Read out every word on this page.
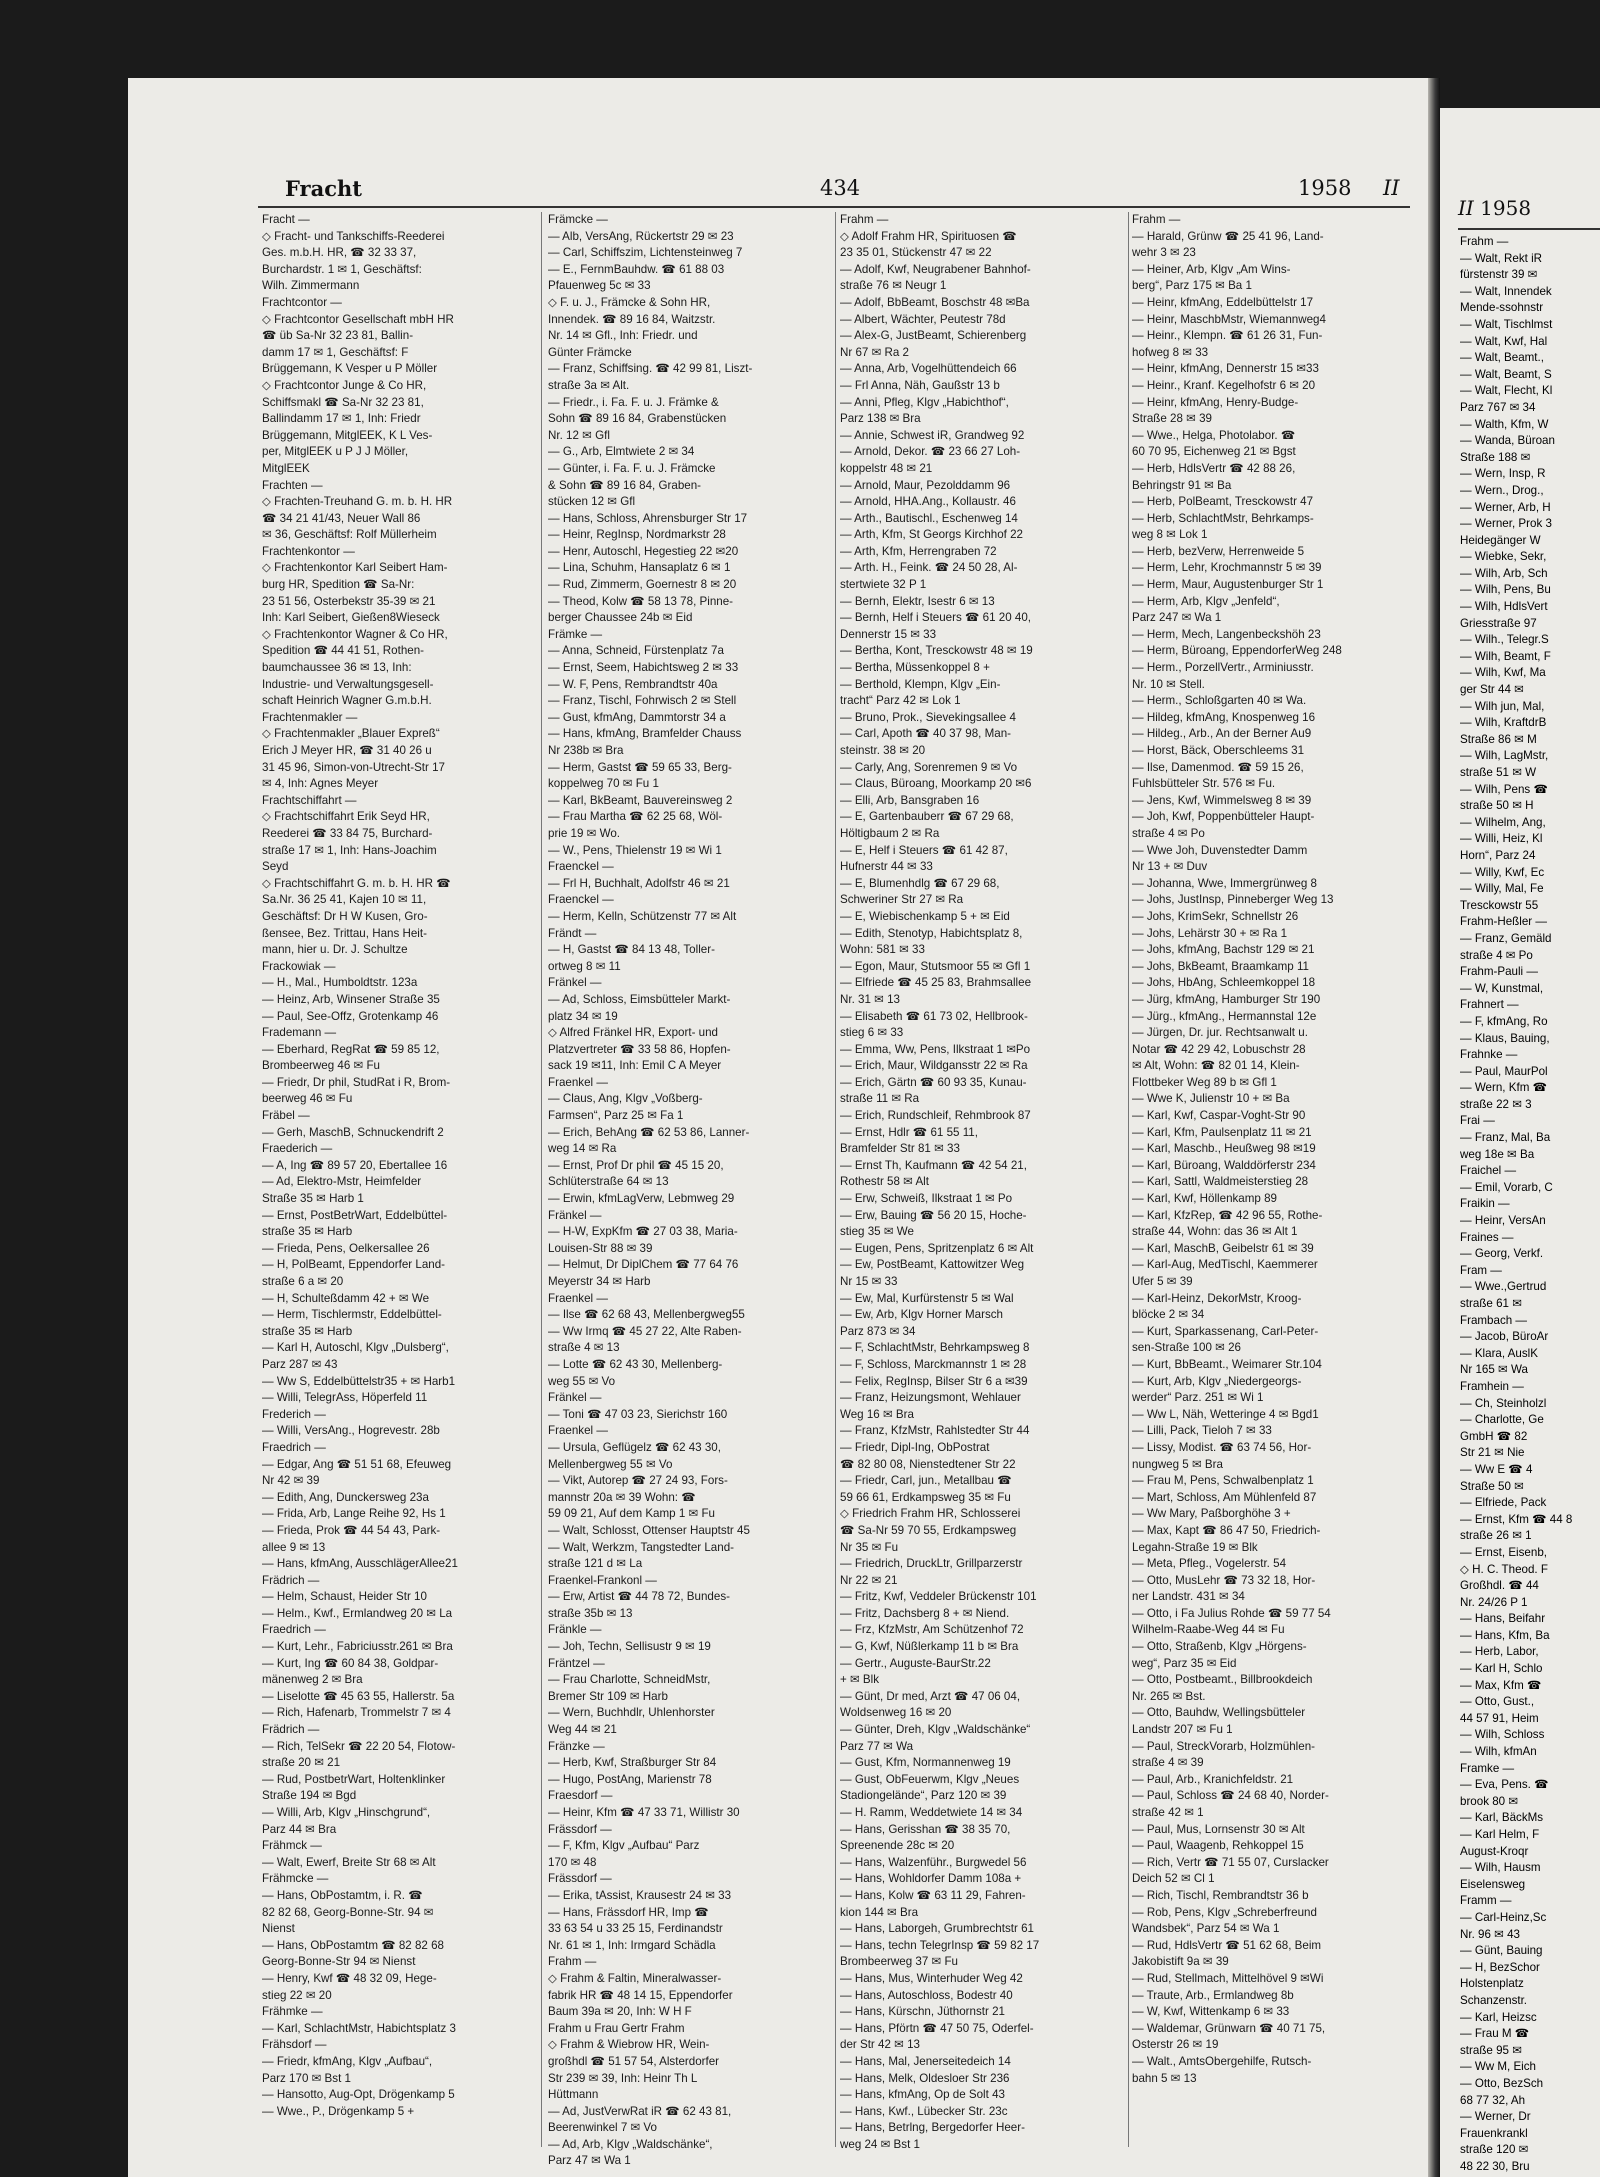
Fracht	434	1958 II
Fracht —
◇ Fracht- und Tankschiffs-Reederei
Ges. m.b.H. HR, ☎ 32 33 37,
Burchardstr. 1 ✉ 1, Geschäftsf:
Wilh. Zimmermann
Frachtcontor —
◇ Frachtcontor Gesellschaft mbH HR
☎ üb Sa-Nr 32 23 81, Ballin-
damm 17 ✉ 1, Geschäftsf: F
Brüggemann, K Vesper u P Möller
◇ Frachtcontor Junge & Co HR,
Schiffsmakl ☎ Sa-Nr 32 23 81,
Ballindamm 17 ✉ 1, Inh: Friedr
Brüggemann, MitglEEK, K L Ves-
per, MitglEEK u P J J Möller,
MitglEEK
Frachten —
◇ Frachten-Treuhand G. m. b. H. HR
☎ 34 21 41/43, Neuer Wall 86
✉ 36, Geschäftsf: Rolf Müllerheim
Frachtenkontor —
◇ Frachtenkontor Karl Seibert Ham-
burg HR, Spedition ☎ Sa-Nr:
23 51 56, Osterbekstr 35-39 ✉ 21
Inh: Karl Seibert, Gießen8Wieseck
◇ Frachtenkontor Wagner & Co HR,
Spedition ☎ 44 41 51, Rothen-
baumchaussee 36 ✉ 13, Inh:
Industrie- und Verwaltungsgesell-
schaft Heinrich Wagner G.m.b.H.
Frachtenmakler —
◇ Frachtenmakler „Blauer Expreß“
Erich J Meyer HR, ☎ 31 40 26 u
31 45 96, Simon-von-Utrecht-Str 17
✉ 4, Inh: Agnes Meyer
Frachtschiffahrt —
◇ Frachtschiffahrt Erik Seyd HR,
Reederei ☎ 33 84 75, Burchard-
straße 17 ✉ 1, Inh: Hans-Joachim
Seyd
◇ Frachtschiffahrt G. m. b. H. HR ☎
Sa.Nr. 36 25 41, Kajen 10 ✉ 11,
Geschäftsf: Dr H W Kusen, Gro-
ßensee, Bez. Trittau, Hans Heit-
mann, hier u. Dr. J. Schultze
Frackowiak —
— H., Mal., Humboldtstr. 123a
— Heinz, Arb, Winsener Straße 35
— Paul, See-Offz, Grotenkamp 46
Frademann —
— Eberhard, RegRat ☎ 59 85 12,
Brombeerweg 46 ✉ Fu
— Friedr, Dr phil, StudRat i R, Brom-
beerweg 46 ✉ Fu
Fräbel —
— Gerh, MaschB, Schnuckendrift 2
Fraederich —
— A, Ing ☎ 89 57 20, Ebertallee 16
— Ad, Elektro-Mstr, Heimfelder
Straße 35 ✉ Harb 1
— Ernst, PostBetrWart, Eddelbüttel-
straße 35 ✉ Harb
— Frieda, Pens, Oelkersallee 26
— H, PolBeamt, Eppendorfer Land-
straße 6 a ✉ 20
— H, Schulteßdamm 42 + ✉ We
— Herm, Tischlermstr, Eddelbüttel-
straße 35 ✉ Harb
— Karl H, Autoschl, Klgv „Dulsberg“,
Parz 287 ✉ 43
— Ww S, Eddelbüttelstr35 + ✉ Harb1
— Willi, TelegrAss, Höperfeld 11
Frederich —
— Willi, VersAng., Hogrevestr. 28b
Fraedrich —
— Edgar, Ang ☎ 51 51 68, Efeuweg
Nr 42 ✉ 39
— Edith, Ang, Dunckersweg 23a
— Frida, Arb, Lange Reihe 92, Hs 1
— Frieda, Prok ☎ 44 54 43, Park-
allee 9 ✉ 13
— Hans, kfmAng, AusschlägerAllee21
Frädrich —
— Helm, Schaust, Heider Str 10
— Helm., Kwf., Ermlandweg 20 ✉ La
Fraedrich —
— Kurt, Lehr., Fabriciusstr.261 ✉ Bra
— Kurt, Ing ☎ 60 84 38, Goldpar-
mänenweg 2 ✉ Bra
— Liselotte ☎ 45 63 55, Hallerstr. 5a
— Rich, Hafenarb, Trommelstr 7 ✉ 4
Frädrich —
— Rich, TelSekr ☎ 22 20 54, Flotow-
straße 20 ✉ 21
— Rud, PostbetrWart, Holtenklinker
Straße 194 ✉ Bgd
— Willi, Arb, Klgv „Hinschgrund“,
Parz 44 ✉ Bra
Frähmck —
— Walt, Ewerf, Breite Str 68 ✉ Alt
Frähmcke —
— Hans, ObPostamtm, i. R. ☎
82 82 68, Georg-Bonne-Str. 94 ✉
Nienst
— Hans, ObPostamtm ☎ 82 82 68
Georg-Bonne-Str 94 ✉ Nienst
— Henry, Kwf ☎ 48 32 09, Hege-
stieg 22 ✉ 20
Frähmke —
— Karl, SchlachtMstr, Habichtsplatz 3
Frähsdorf —
— Friedr, kfmAng, Klgv „Aufbau“,
Parz 170 ✉ Bst 1
— Hansotto, Aug-Opt, Drögenkamp 5
— Wwe., P., Drögenkamp 5 +
Främcke —
— Alb, VersAng, Rückertstr 29 ✉ 23
— Carl, Schiffszim, Lichtensteinweg 7
— E., FernmBauhdw. ☎ 61 88 03
Pfauenweg 5c ✉ 33
◇ F. u. J., Främcke & Sohn HR,
Innendek. ☎ 89 16 84, Waitzstr.
Nr. 14 ✉ Gfl., Inh: Friedr. und
Günter Främcke
— Franz, Schiffsing. ☎ 42 99 81, Liszt-
straße 3a ✉ Alt.
— Friedr., i. Fa. F. u. J. Främke &
Sohn ☎ 89 16 84, Grabenstücken
Nr. 12 ✉ Gfl
— G., Arb, Elmtwiete 2 ✉ 34
— Günter, i. Fa. F. u. J. Främcke
& Sohn ☎ 89 16 84, Graben-
stücken 12 ✉ Gfl
— Hans, Schloss, Ahrensburger Str 17
— Heinr, RegInsp, Nordmarkstr 28
— Henr, Autoschl, Hegestieg 22 ✉20
— Lina, Schuhm, Hansaplatz 6 ✉ 1
— Rud, Zimmerm, Goernestr 8 ✉ 20
— Theod, Kolw ☎ 58 13 78, Pinne-
berger Chaussee 24b ✉ Eid
Främke —
— Anna, Schneid, Fürstenplatz 7a
— Ernst, Seem, Habichtsweg 2 ✉ 33
— W. F, Pens, Rembrandtstr 40a
— Franz, Tischl, Fohrwisch 2 ✉ Stell
— Gust, kfmAng, Dammtorstr 34 a
— Hans, kfmAng, Bramfelder Chauss
Nr 238b ✉ Bra
— Herm, Gastst ☎ 59 65 33, Berg-
koppelweg 70 ✉ Fu 1
— Karl, BkBeamt, Bauvereinsweg 2
— Frau Martha ☎ 62 25 68, Wöl-
prie 19 ✉ Wo.
— W., Pens, Thielenstr 19 ✉ Wi 1
Fraenckel —
— Frl H, Buchhalt, Adolfstr 46 ✉ 21
Fraenckel —
— Herm, Kelln, Schützenstr 77 ✉ Alt
Frändt —
— H, Gastst ☎ 84 13 48, Toller-
ortweg 8 ✉ 11
Fränkel —
— Ad, Schloss, Eimsbütteler Markt-
platz 34 ✉ 19
◇ Alfred Fränkel HR, Export- und
Platzvertreter ☎ 33 58 86, Hopfen-
sack 19 ✉11, Inh: Emil C A Meyer
Fraenkel —
— Claus, Ang, Klgv „Voßberg-
Farmsen“, Parz 25 ✉ Fa 1
— Erich, BehAng ☎ 62 53 86, Lanner-
weg 14 ✉ Ra
— Ernst, Prof Dr phil ☎ 45 15 20,
Schlüterstraße 64 ✉ 13
— Erwin, kfmLagVerw, Lebmweg 29
Fränkel —
— H-W, ExpKfm ☎ 27 03 38, Maria-
Louisen-Str 88 ✉ 39
— Helmut, Dr DiplChem ☎ 77 64 76
Meyerstr 34 ✉ Harb
Fraenkel —
— Ilse ☎ 62 68 43, Mellenbergweg55
— Ww Irmq ☎ 45 27 22, Alte Raben-
straße 4 ✉ 13
— Lotte ☎ 62 43 30, Mellenberg-
weg 55 ✉ Vo
Fränkel —
— Toni ☎ 47 03 23, Sierichstr 160
Fraenkel —
— Ursula, Geflügelz ☎ 62 43 30,
Mellenbergweg 55 ✉ Vo
— Vikt, Autorep ☎ 27 24 93, Fors-
mannstr 20a ✉ 39 Wohn: ☎
59 09 21, Auf dem Kamp 1 ✉ Fu
— Walt, Schlosst, Ottenser Hauptstr 45
— Walt, Werkzm, Tangstedter Land-
straße 121 d ✉ La
Fraenkel-Frankonl —
— Erw, Artist ☎ 44 78 72, Bundes-
straße 35b ✉ 13
Fränkle —
— Joh, Techn, Sellisustr 9 ✉ 19
Fräntzel —
— Frau Charlotte, SchneidMstr,
Bremer Str 109 ✉ Harb
— Wern, Buchhdlr, Uhlenhorster
Weg 44 ✉ 21
Fränzke —
— Herb, Kwf, Straßburger Str 84
— Hugo, PostAng, Marienstr 78
Fraesdorf —
— Heinr, Kfm ☎ 47 33 71, Willistr 30
Frässdorf —
— F, Kfm, Klgv „Aufbau“ Parz
170 ✉ 48
Frässdorf —
— Erika, tAssist, Krausestr 24 ✉ 33
— Hans, Frässdorf HR, Imp ☎
33 63 54 u 33 25 15, Ferdinandstr
Nr. 61 ✉ 1, Inh: Irmgard Schädla
Frahm —
◇ Frahm & Faltin, Mineralwasser-
fabrik HR ☎ 48 14 15, Eppendorfer
Baum 39a ✉ 20, Inh: W H F
Frahm u Frau Gertr Frahm
◇ Frahm & Wiebrow HR, Wein-
großhdl ☎ 51 57 54, Alsterdorfer
Str 239 ✉ 39, Inh: Heinr Th L
Hüttmann
— Ad, JustVerwRat iR ☎ 62 43 81,
Beerenwinkel 7 ✉ Vo
— Ad, Arb, Klgv „Waldschänke“,
Parz 47 ✉ Wa 1
Frahm —
◇ Adolf Frahm HR, Spirituosen ☎
23 35 01, Stückenstr 47 ✉ 22
— Adolf, Kwf, Neugrabener Bahnhof-
straße 76 ✉ Neugr 1
— Adolf, BbBeamt, Boschstr 48 ✉Ba
— Albert, Wächter, Peutestr 78d
— Alex-G, JustBeamt, Schierenberg
Nr 67 ✉ Ra 2
— Anna, Arb, Vogelhüttendeich 66
— Frl Anna, Näh, Gaußstr 13 b
— Anni, Pfleg, Klgv „Habichthof“,
Parz 138 ✉ Bra
— Annie, Schwest iR, Grandweg 92
— Arnold, Dekor. ☎ 23 66 27 Loh-
koppelstr 48 ✉ 21
— Arnold, Maur, Pezolddamm 96
— Arnold, HHA.Ang., Kollaustr. 46
— Arth., Bautischl., Eschenweg 14
— Arth, Kfm, St Georgs Kirchhof 22
— Arth, Kfm, Herrengraben 72
— Arth. H., Feink. ☎ 24 50 28, Al-
stertwiete 32 P 1
— Bernh, Elektr, Isestr 6 ✉ 13
— Bernh, Helf i Steuers ☎ 61 20 40,
Dennerstr 15 ✉ 33
— Bertha, Kont, Tresckowstr 48 ✉ 19
— Bertha, Müssenkoppel 8 +
— Berthold, Klempn, Klgv „Ein-
tracht“ Parz 42 ✉ Lok 1
— Bruno, Prok., Sievekingsallee 4
— Carl, Apoth ☎ 40 37 98, Man-
steinstr. 38 ✉ 20
— Carly, Ang, Sorenremen 9 ✉ Vo
— Claus, Büroang, Moorkamp 20 ✉6
— Elli, Arb, Bansgraben 16
— E, Gartenbauberr ☎ 67 29 68,
Höltigbaum 2 ✉ Ra
— E, Helf i Steuers ☎ 61 42 87,
Hufnerstr 44 ✉ 33
— E, Blumenhdlg ☎ 67 29 68,
Schweriner Str 27 ✉ Ra
— E, Wiebischenkamp 5 + ✉ Eid
— Edith, Stenotyp, Habichtsplatz 8,
Wohn: 581 ✉ 33
— Egon, Maur, Stutsmoor 55 ✉ Gfl 1
— Elfriede ☎ 45 25 83, Brahmsallee
Nr. 31 ✉ 13
— Elisabeth ☎ 61 73 02, Hellbrook-
stieg 6 ✉ 33
— Emma, Ww, Pens, Ilkstraat 1 ✉Po
— Erich, Maur, Wildgansstr 22 ✉ Ra
— Erich, Gärtn ☎ 60 93 35, Kunau-
straße 11 ✉ Ra
— Erich, Rundschleif, Rehmbrook 87
— Ernst, Hdlr ☎ 61 55 11,
Bramfelder Str 81 ✉ 33
— Ernst Th, Kaufmann ☎ 42 54 21,
Rothestr 58 ✉ Alt
— Erw, Schweiß, Ilkstraat 1 ✉ Po
— Erw, Bauing ☎ 56 20 15, Hoche-
stieg 35 ✉ We
— Eugen, Pens, Spritzenplatz 6 ✉ Alt
— Ew, PostBeamt, Kattowitzer Weg
Nr 15 ✉ 33
— Ew, Mal, Kurfürstenstr 5 ✉ Wal
— Ew, Arb, Klgv Horner Marsch
Parz 873 ✉ 34
— F, SchlachtMstr, Behrkampsweg 8
— F, Schloss, Marckmannstr 1 ✉ 28
— Felix, RegInsp, Bilser Str 6 a ✉39
— Franz, Heizungsmont, Wehlauer
Weg 16 ✉ Bra
— Franz, KfzMstr, Rahlstedter Str 44
— Friedr, Dipl-Ing, ObPostrat
☎ 82 80 08, Nienstedtener Str 22
— Friedr, Carl, jun., Metallbau ☎
59 66 61, Erdkampsweg 35 ✉ Fu
◇ Friedrich Frahm HR, Schlosserei
☎ Sa-Nr 59 70 55, Erdkampsweg
Nr 35 ✉ Fu
— Friedrich, DruckLtr, Grillparzerstr
Nr 22 ✉ 21
— Fritz, Kwf, Veddeler Brückenstr 101
— Fritz, Dachsberg 8 + ✉ Niend.
— Frz, KfzMstr, Am Schützenhof 72
— G, Kwf, Nüßlerkamp 11 b ✉ Bra
— Gertr., Auguste-BaurStr.22
+ ✉ Blk
— Günt, Dr med, Arzt ☎ 47 06 04,
Woldsenweg 16 ✉ 20
— Günter, Dreh, Klgv „Waldschänke“
Parz 77 ✉ Wa
— Gust, Kfm, Normannenweg 19
— Gust, ObFeuerwm, Klgv „Neues
Stadiongelände“, Parz 120 ✉ 39
— H. Ramm, Weddetwiete 14 ✉ 34
— Hans, Gerisshan ☎ 38 35 70,
Spreenende 28c ✉ 20
— Hans, Walzenführ., Burgwedel 56
— Hans, Wohldorfer Damm 108a +
— Hans, Kolw ☎ 63 11 29, Fahren-
kion 144 ✉ Bra
— Hans, Laborgeh, Grumbrechtstr 61
— Hans, techn TelegrInsp ☎ 59 82 17
Brombeerweg 37 ✉ Fu
— Hans, Mus, Winterhuder Weg 42
— Hans, Autoschloss, Bodestr 40
— Hans, Kürschn, Jüthornstr 21
— Hans, Pförtn ☎ 47 50 75, Oderfel-
der Str 42 ✉ 13
— Hans, Mal, Jenerseitedeich 14
— Hans, Melk, Oldesloer Str 236
— Hans, kfmAng, Op de Solt 43
— Hans, Kwf., Lübecker Str. 23c
— Hans, Betrlng, Bergedorfer Heer-
weg 24 ✉ Bst 1
Frahm —
— Harald, Grünw ☎ 25 41 96, Land-
wehr 3 ✉ 23
— Heiner, Arb, Klgv „Am Wins-
berg“, Parz 175 ✉ Ba 1
— Heinr, kfmAng, Eddelbüttelstr 17
— Heinr, MaschbMstr, Wiemannweg4
— Heinr., Klempn. ☎ 61 26 31, Fun-
hofweg 8 ✉ 33
— Heinr, kfmAng, Dennerstr 15 ✉33
— Heinr., Kranf. Kegelhofstr 6 ✉ 20
— Heinr, kfmAng, Henry-Budge-
Straße 28 ✉ 39
— Wwe., Helga, Photolabor. ☎
60 70 95, Eichenweg 21 ✉ Bgst
— Herb, HdlsVertr ☎ 42 88 26,
Behringstr 91 ✉ Ba
— Herb, PolBeamt, Tresckowstr 47
— Herb, SchlachtMstr, Behrkamps-
weg 8 ✉ Lok 1
— Herb, bezVerw, Herrenweide 5
— Herm, Lehr, Krochmannstr 5 ✉ 39
— Herm, Maur, Augustenburger Str 1
— Herm, Arb, Klgv „Jenfeld“,
Parz 247 ✉ Wa 1
— Herm, Mech, Langenbeckshöh 23
— Herm, Büroang, EppendorferWeg 248
— Herm., PorzellVertr., Arminiusstr.
Nr. 10 ✉ Stell.
— Herm., Schloßgarten 40 ✉ Wa.
— Hildeg, kfmAng, Knospenweg 16
— Hildeg., Arb., An der Berner Au9
— Horst, Bäck, Oberschleems 31
— Ilse, Damenmod. ☎ 59 15 26,
Fuhlsbütteler Str. 576 ✉ Fu.
— Jens, Kwf, Wimmelsweg 8 ✉ 39
— Joh, Kwf, Poppenbütteler Haupt-
straße 4 ✉ Po
— Wwe Joh, Duvenstedter Damm
Nr 13 + ✉ Duv
— Johanna, Wwe, Immergrünweg 8
— Johs, JustInsp, Pinneberger Weg 13
— Johs, KrimSekr, Schnellstr 26
— Johs, Lehärstr 30 + ✉ Ra 1
— Johs, kfmAng, Bachstr 129 ✉ 21
— Johs, BkBeamt, Braamkamp 11
— Johs, HbAng, Schleemkoppel 18
— Jürg, kfmAng, Hamburger Str 190
— Jürg., kfmAng., Hermannstal 12e
— Jürgen, Dr. jur. Rechtsanwalt u.
Notar ☎ 42 29 42, Lobuschstr 28
✉ Alt, Wohn: ☎ 82 01 14, Klein-
Flottbeker Weg 89 b ✉ Gfl 1
— Wwe K, Julienstr 10 + ✉ Ba
— Karl, Kwf, Caspar-Voght-Str 90
— Karl, Kfm, Paulsenplatz 11 ✉ 21
— Karl, Maschb., Heußweg 98 ✉19
— Karl, Büroang, Walddörferstr 234
— Karl, Sattl, Waldmeisterstieg 28
— Karl, Kwf, Höllenkamp 89
— Karl, KfzRep, ☎ 42 96 55, Rothe-
straße 44, Wohn: das 36 ✉ Alt 1
— Karl, MaschB, Geibelstr 61 ✉ 39
— Karl-Aug, MedTischl, Kaemmerer
Ufer 5 ✉ 39
— Karl-Heinz, DekorMstr, Kroog-
blöcke 2 ✉ 34
— Kurt, Sparkassenang, Carl-Peter-
sen-Straße 100 ✉ 26
— Kurt, BbBeamt., Weimarer Str.104
— Kurt, Arb, Klgv „Niedergeorgs-
werder“ Parz. 251 ✉ Wi 1
— Ww L, Näh, Wetteringe 4 ✉ Bgd1
— Lilli, Pack, Tieloh 7 ✉ 33
— Lissy, Modist. ☎ 63 74 56, Hor-
nungweg 5 ✉ Bra
— Frau M, Pens, Schwalbenplatz 1
— Mart, Schloss, Am Mühlenfeld 87
— Ww Mary, Paßborghöhe 3 +
— Max, Kapt ☎ 86 47 50, Friedrich-
Legahn-Straße 19 ✉ Blk
— Meta, Pfleg., Vogelerstr. 54
— Otto, MusLehr ☎ 73 32 18, Hor-
ner Landstr. 431 ✉ 34
— Otto, i Fa Julius Rohde ☎ 59 77 54
Wilhelm-Raabe-Weg 44 ✉ Fu
— Otto, Straßenb, Klgv „Hörgens-
weg“, Parz 35 ✉ Eid
— Otto, Postbeamt., Billbrookdeich
Nr. 265 ✉ Bst.
— Otto, Bauhdw, Wellingsbütteler
Landstr 207 ✉ Fu 1
— Paul, StreckVorarb, Holzmühlen-
straße 4 ✉ 39
— Paul, Arb., Kranichfeldstr. 21
— Paul, Schloss ☎ 24 68 40, Norder-
straße 42 ✉ 1
— Paul, Mus, Lornsenstr 30 ✉ Alt
— Paul, Waagenb, Rehkoppel 15
— Rich, Vertr ☎ 71 55 07, Curslacker
Deich 52 ✉ Cl 1
— Rich, Tischl, Rembrandtstr 36 b
— Rob, Pens, Klgv „Schreberfreund
Wandsbek“, Parz 54 ✉ Wa 1
— Rud, HdlsVertr ☎ 51 62 68, Beim
Jakobistift 9a ✉ 39
— Rud, Stellmach, Mittelhövel 9 ✉Wi
— Traute, Arb., Ermlandweg 8b
— W, Kwf, Wittenkamp 6 ✉ 33
— Waldemar, Grünwarn ☎ 40 71 75,
Osterstr 26 ✉ 19
— Walt., AmtsObergehilfe, Rutsch-
bahn 5 ✉ 13
II 1958
Frahm —
— Walt, Rekt iR
fürstenstr 39 ✉
— Walt, Innendek
Mende-ssohnstr
— Walt, Tischlmst
— Walt, Kwf, Hal
— Walt, Beamt.,
— Walt, Beamt, S
— Walt, Flecht, Kl
Parz 767 ✉ 34
— Walth, Kfm, W
— Wanda, Büroan
Straße 188 ✉
— Wern, Insp, R
— Wern., Drog.,
— Werner, Arb, H
— Werner, Prok 3
Heidegänger W
— Wiebke, Sekr,
— Wilh, Arb, Sch
— Wilh, Pens, Bu
— Wilh, HdlsVert
Griesstraße 97
— Wilh., Telegr.S
— Wilh, Beamt, F
— Wilh, Kwf, Ma
ger Str 44 ✉
— Wilh jun, Mal,
— Wilh, KraftdrB
Straße 86 ✉ M
— Wilh, LagMstr,
straße 51 ✉ W
— Wilh, Pens ☎
straße 50 ✉ H
— Wilhelm, Ang,
— Willi, Heiz, Kl
Horn“, Parz 24
— Willy, Kwf, Ec
— Willy, Mal, Fe
Tresckowstr 55
Frahm-Heßler —
— Franz, Gemäld
straße 4 ✉ Po
Frahm-Pauli —
— W, Kunstmal,
Frahnert —
— F, kfmAng, Ro
— Klaus, Bauing,
Frahnke —
— Paul, MaurPol
— Wern, Kfm ☎
straße 22 ✉ 3
Frai —
— Franz, Mal, Ba
weg 18e ✉ Ba
Fraichel —
— Emil, Vorarb, C
Fraikin —
— Heinr, VersAn
Fraines —
— Georg, Verkf.
Fram —
— Wwe.,Gertrud
straße 61 ✉
Frambach —
— Jacob, BüroAr
— Klara, AuslK
Nr 165 ✉ Wa
Framhein —
— Ch, Steinholzl
— Charlotte, Ge
GmbH ☎ 82
Str 21 ✉ Nie
— Ww E ☎ 4
Straße 50 ✉
— Elfriede, Pack
— Ernst, Kfm ☎ 44 8
straße 26 ✉ 1
— Ernst, Eisenb,
◇ H. C. Theod. F
Großhdl. ☎ 44
Nr. 24/26 P 1
— Hans, Beifahr
— Hans, Kfm, Ba
— Herb, Labor,
— Karl H, Schlo
— Max, Kfm ☎
— Otto, Gust.,
44 57 91, Heim
— Wilh, Schloss
— Wilh, kfmAn
Framke —
— Eva, Pens. ☎
brook 80 ✉
— Karl, BäckMs
— Karl Helm, F
August-Kroqr
— Wilh, Hausm
Eiselensweg
Framm —
— Carl-Heinz,Sc
Nr. 96 ✉ 43
— Günt, Bauing
— H, BezSchor
Holstenplatz
Schanzenstr.
— Karl, Heizsc
— Frau M ☎
straße 95 ✉
— Ww M, Eich
— Otto, BezSch
68 77 32, Ah
— Werner, Dr
Frauenkrankl
straße 120 ✉
48 22 30, Bru
